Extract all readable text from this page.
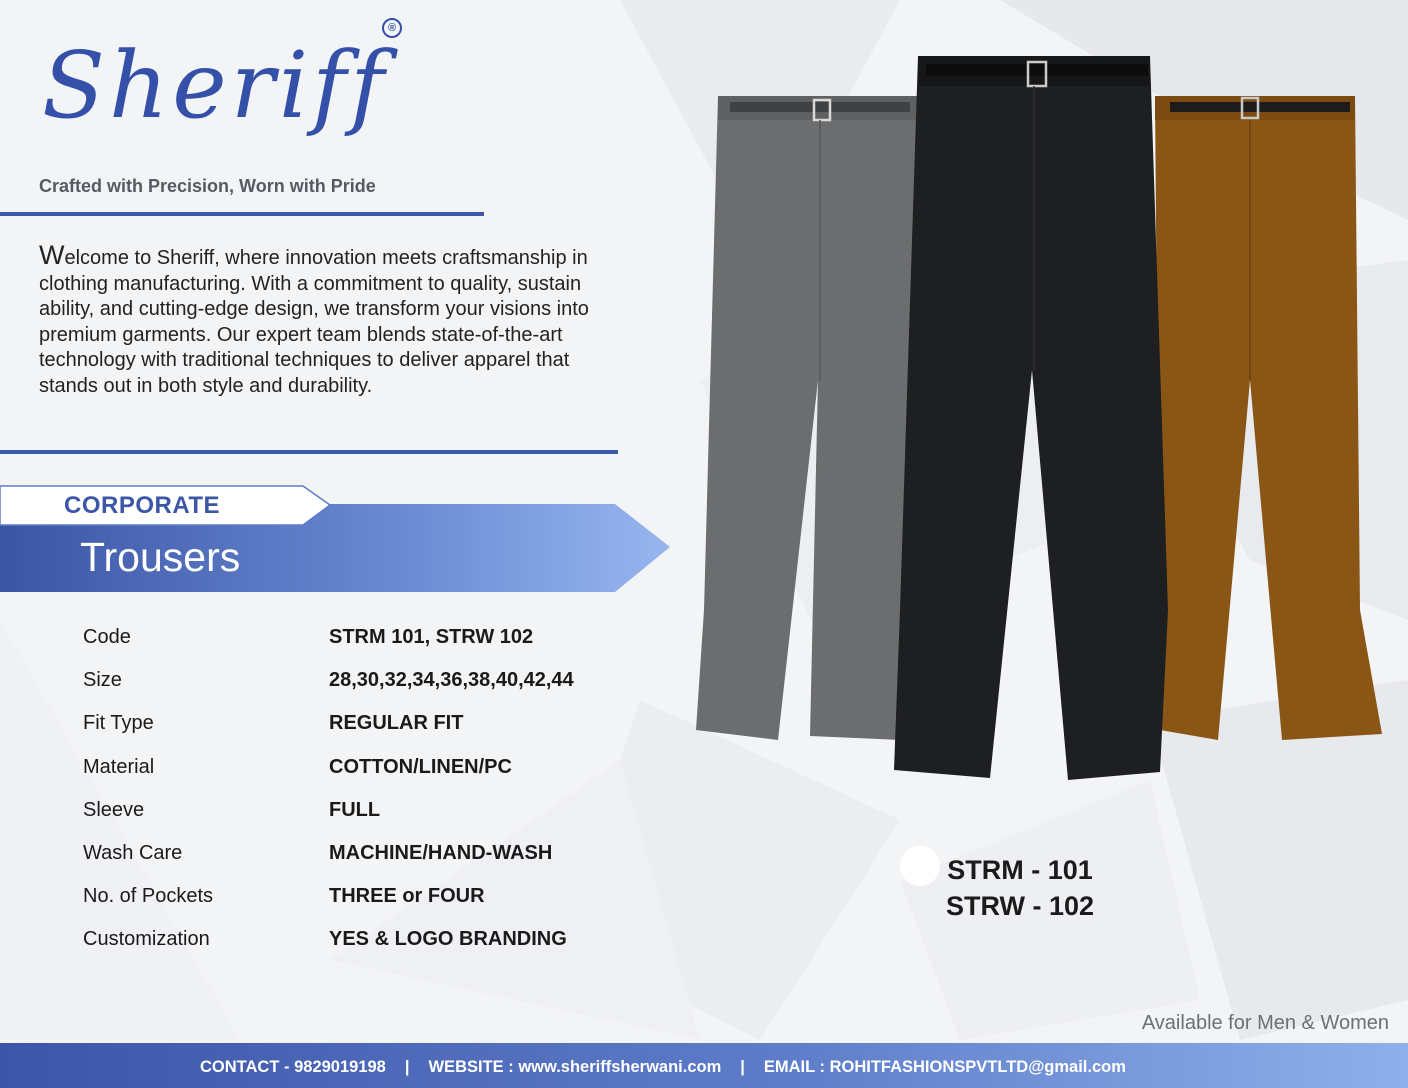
Sheriff
®
Crafted with Precision, Worn with Pride
Welcome to Sheriff, where innovation meets craftsmanship in clothing manufacturing. With a commitment to quality, sustain ability, and cutting-edge design, we transform your visions into premium garments. Our expert team blends state-of-the-art technology with traditional techniques to deliver apparel that stands out in both style and durability.
CORPORATE
Trousers
Code	STRM 101, STRW 102
Size	28,30,32,34,36,38,40,42,44
Fit Type	REGULAR FIT
Material	COTTON/LINEN/PC
Sleeve	FULL
Wash Care	MACHINE/HAND-WASH
No. of Pockets	THREE or FOUR
Customization	YES & LOGO BRANDING
STRM - 101
STRW - 102
Available for Men & Women
CONTACT - 9829019198 | WEBSITE : www.sheriffsherwani.com | EMAIL : ROHITFASHIONSPVTLTD@gmail.com
